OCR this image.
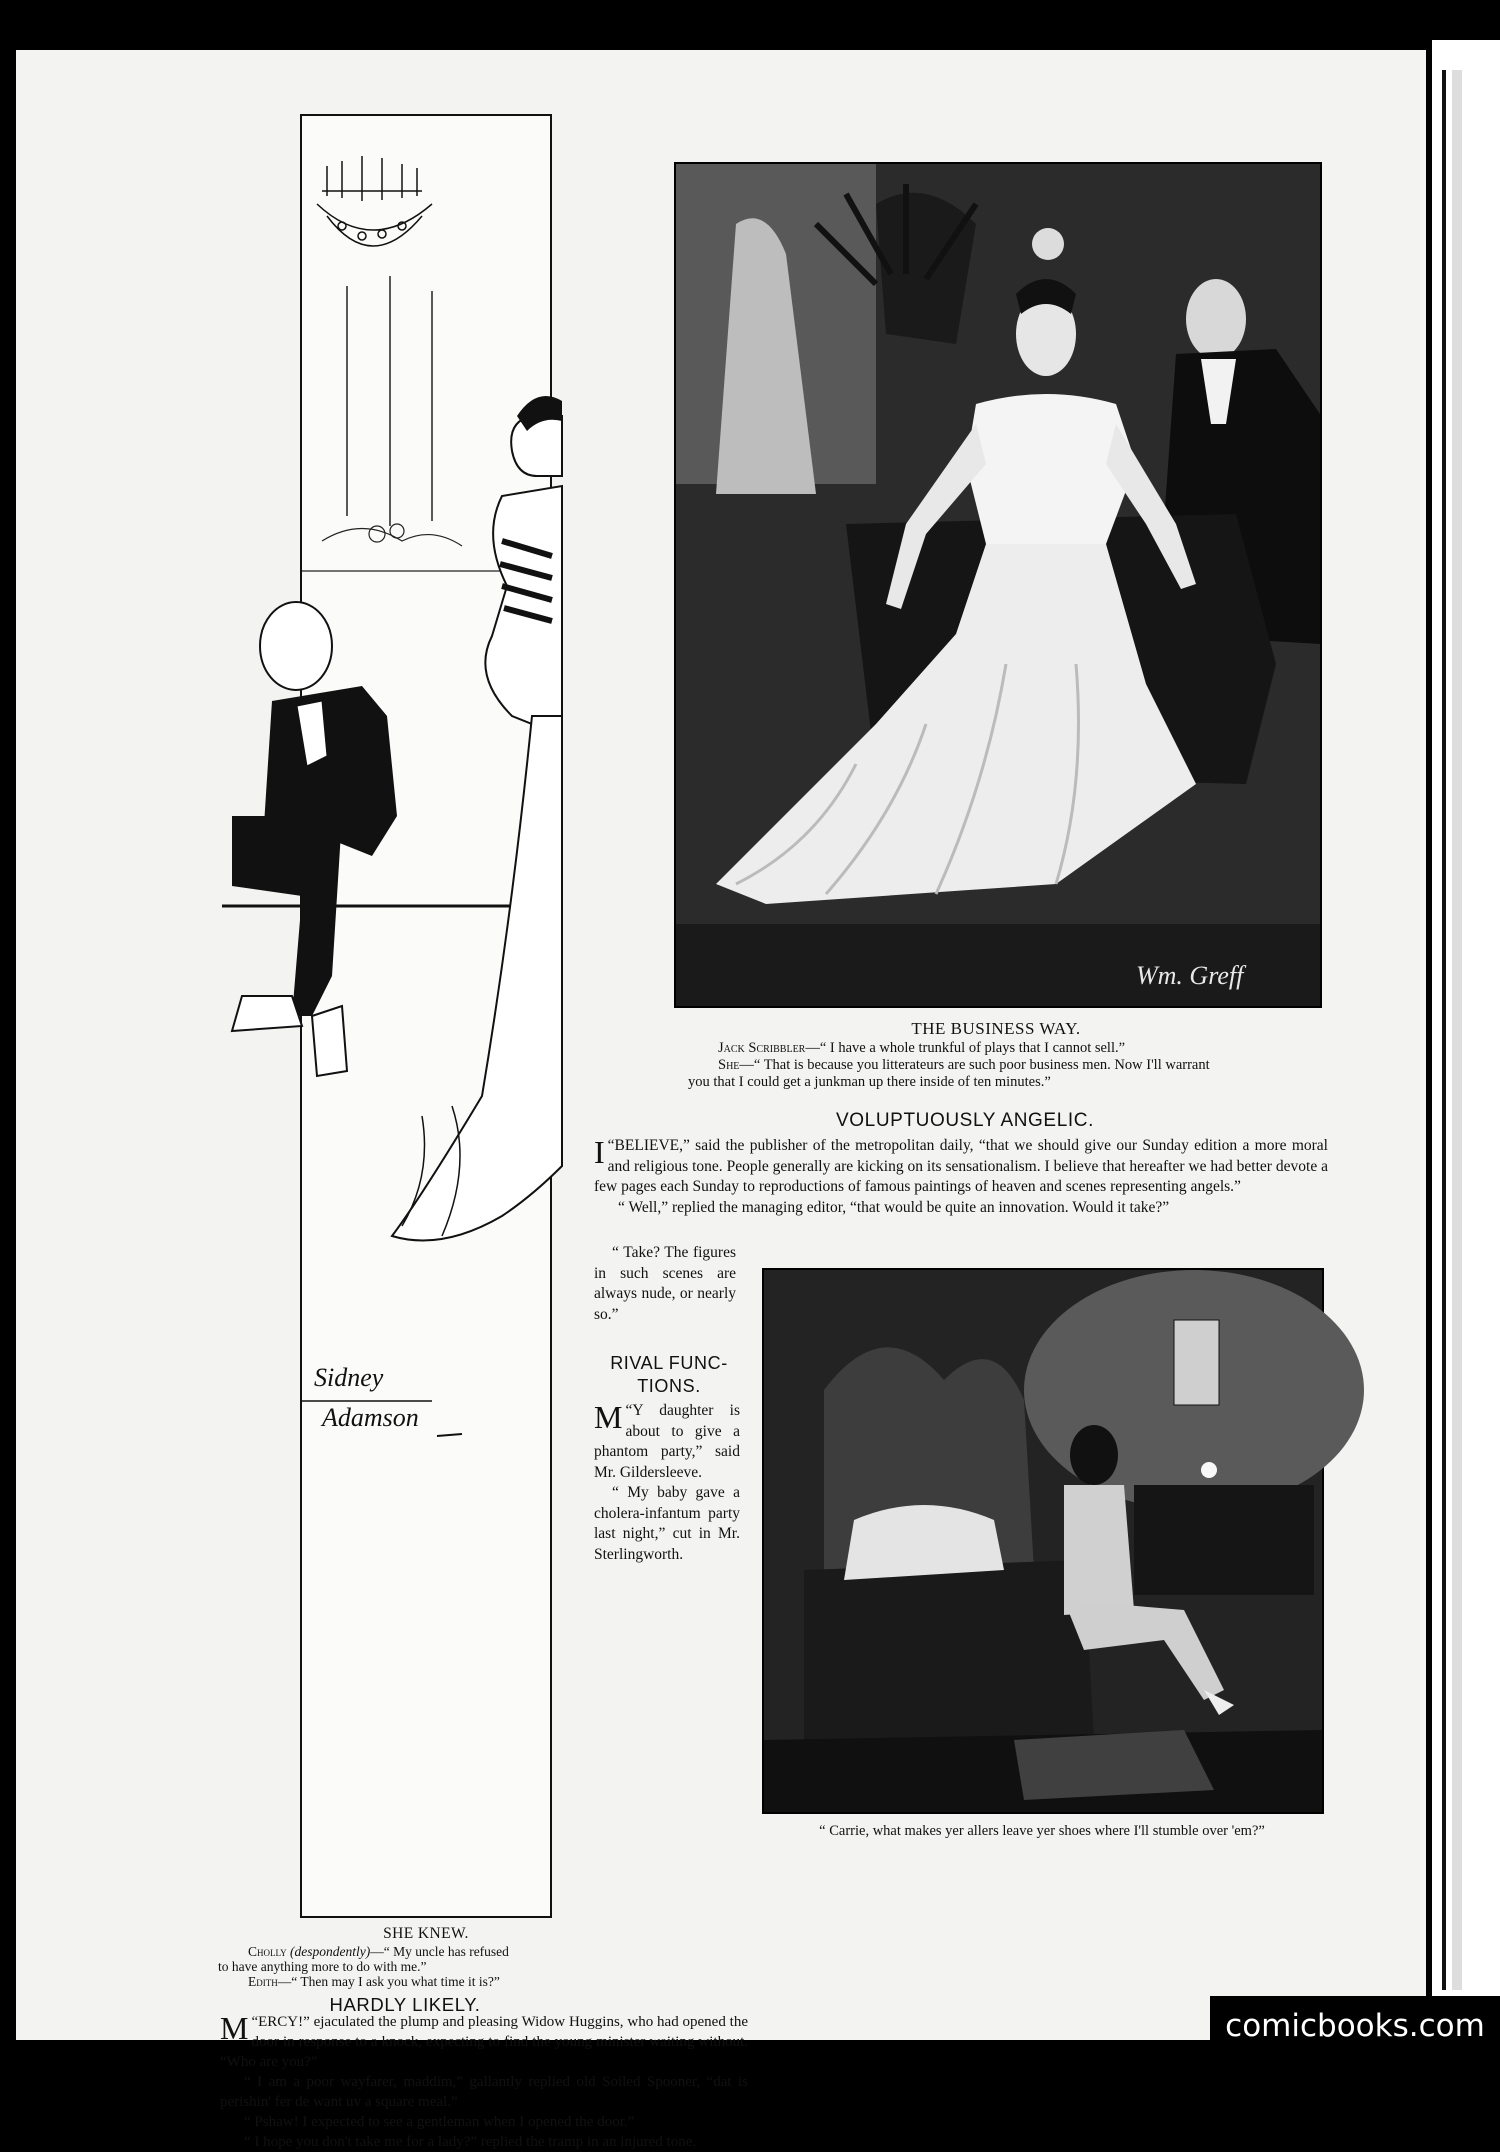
Sidney
Adamson
Wm. Greff
THE BUSINESS WAY.
Jack Scribbler—“ I have a whole trunkful of plays that I cannot sell.”
She—“ That is because you litterateurs are such poor business men. Now I'll warrant
you that I could get a junkman up there inside of ten minutes.”
VOLUPTUOUSLY ANGELIC.

“
I BELIEVE,” said the publisher of the metropolitan daily, “that we should give our Sunday edition a more moral and religious tone. People generally are kicking on its sensationalism. I believe that hereafter we had better devote a few pages each Sunday to reproductions of famous paintings of heaven and scenes representing angels.”

“ Well,” replied the managing editor, “that would be quite an innovation. Would it take?”

“ Take? The figures in such scenes are always nude, or nearly so.”
RIVAL FUNC-
TIONS.

“
M Y daughter is about to give a phantom party,” said Mr. Gildersleeve.

“ My baby gave a cholera-infantum party last night,” cut in Mr. Sterlingworth.

“ Carrie, what makes yer allers leave yer shoes where I'll stumble over 'em?”
SHE KNEW.
Cholly (despondently)—“ My uncle has refused
to have anything more to do with me.”
Edith—“ Then may I ask you what time it is?”
HARDLY LIKELY.

“
M ERCY!” ejaculated the plump and pleasing Widow Huggins, who had opened the door in response to a knock, expecting to find the young minister waiting without. “Who are you?”

“ I am a poor wayfarer, maddim,” gallantly replied old Soiled Spooner, “dat is perishin' fer de want uv a square meal.”

“ Pshaw! I expected to see a gentleman when I opened the door.”

“ I hope you don't take me for a lady?” replied the tramp in an injured tone.

comicbooks.com
